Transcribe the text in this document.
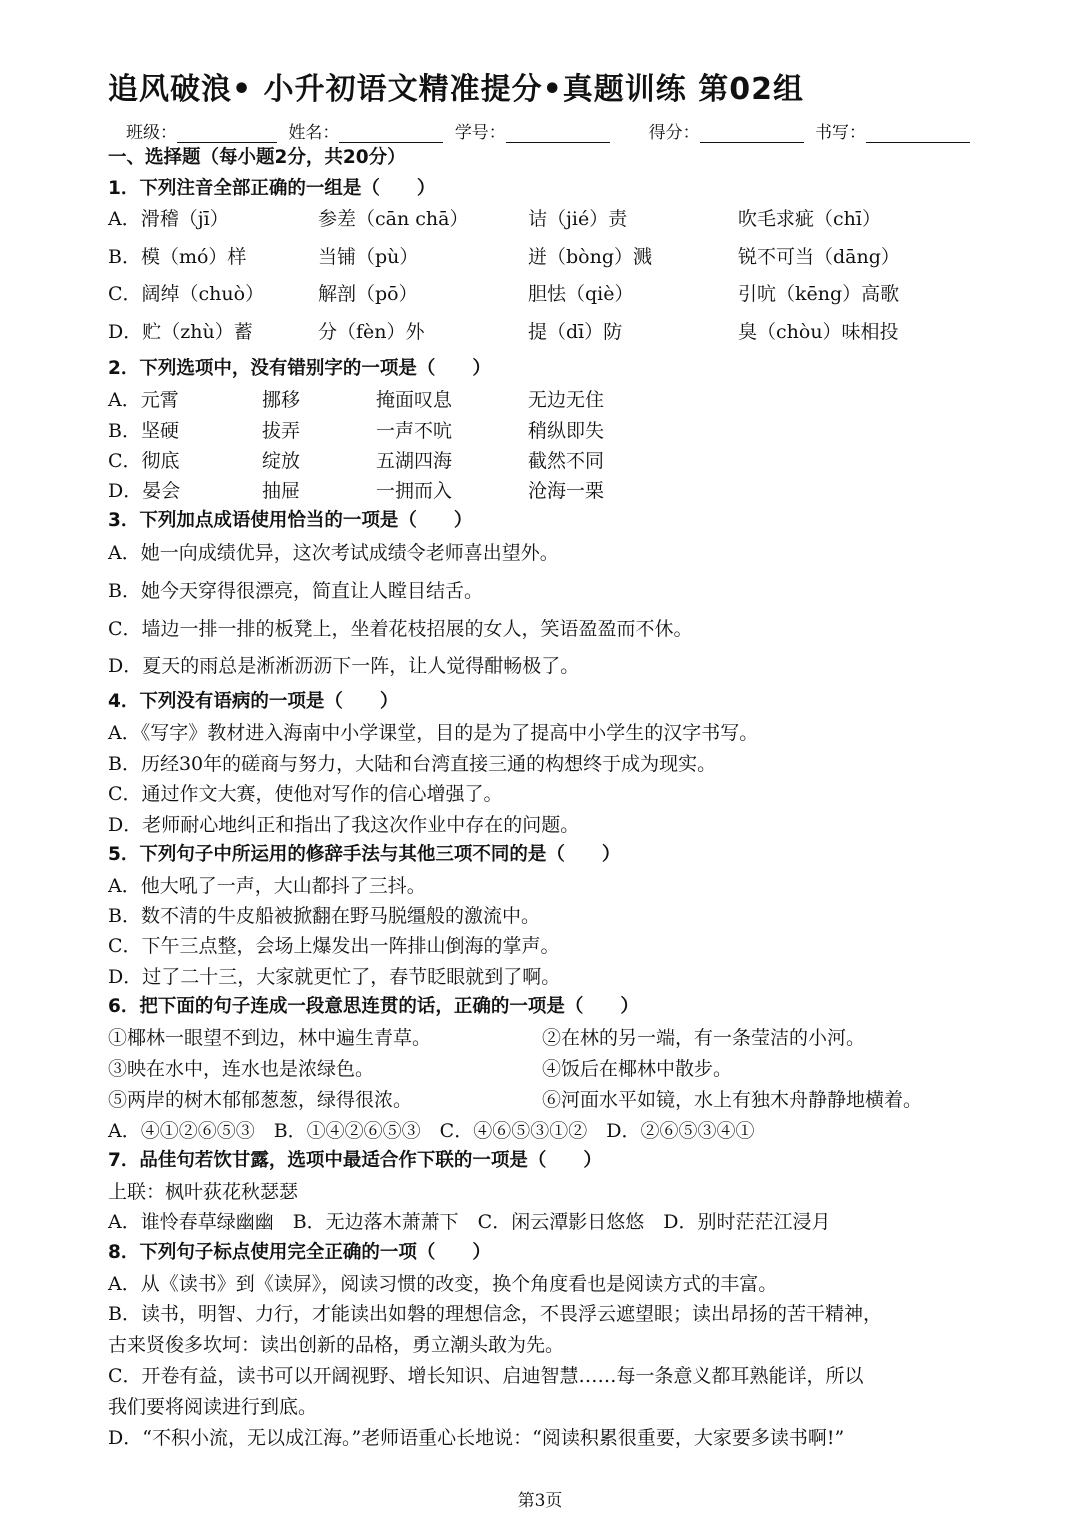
追风破浪• 小升初语文精准提分•真题训练 第02组
班级：	姓名：	学号：	得分：	书写：
一、选择题（每小题2分，共20分）
1．下列注音全部正确的一组是（　　）
A．滑稽（jī）	参差（cān chā）	诘（jié）责	吹毛求疵（chī）
B．模（mó）样	当铺（pù）	迸（bòng）溅	锐不可当（dāng）
C．阔绰（chuò）	解剖（pō）	胆怯（qiè）	引吭（kēng）高歌
D．贮（zhù）蓄	分（fèn）外	提（dī）防	臭（chòu）味相投
2．下列选项中，没有错别字的一项是（　　）
A．元霄	挪移	掩面叹息	无边无住
B．坚硬	拔弄	一声不吭	稍纵即失
C．彻底	绽放	五湖四海	截然不同
D．晏会	抽屉	一拥而入	沧海一栗
3．下列加点成语使用恰当的一项是（　　）
A．她一向成绩优异，这次考试成绩令老师喜出望外。
B．她今天穿得很漂亮，简直让人瞠目结舌。
C．墙边一排一排的板凳上，坐着花枝招展的女人，笑语盈盈而不休。
D．夏天的雨总是淅淅沥沥下一阵，让人觉得酣畅极了。
4．下列没有语病的一项是（　　）
A．《写字》教材进入海南中小学课堂，目的是为了提高中小学生的汉字书写。
B．历经30年的磋商与努力，大陆和台湾直接三通的构想终于成为现实。
C．通过作文大赛，使他对写作的信心增强了。
D．老师耐心地纠正和指出了我这次作业中存在的问题。
5．下列句子中所运用的修辞手法与其他三项不同的是（　　）
A．他大吼了一声，大山都抖了三抖。
B．数不清的牛皮船被掀翻在野马脱缰般的激流中。
C．下午三点整，会场上爆发出一阵排山倒海的掌声。
D．过了二十三，大家就更忙了，春节眨眼就到了啊。
6．把下面的句子连成一段意思连贯的话，正确的一项是（　　）
①椰林一眼望不到边，林中遍生青草。	②在林的另一端，有一条莹洁的小河。
③映在水中，连水也是浓绿色。	④饭后在椰林中散步。
⑤两岸的树木郁郁葱葱，绿得很浓。	⑥河面水平如镜，水上有独木舟静静地横着。
A．④①②⑥⑤③　B．①④②⑥⑤③　C．④⑥⑤③①②　D．②⑥⑤③④①
7．品佳句若饮甘露，选项中最适合作下联的一项是（　　）
上联：枫叶荻花秋瑟瑟
A．谁怜春草绿幽幽　B．无边落木萧萧下　C．闲云潭影日悠悠　D．别时茫茫江浸月
8．下列句子标点使用完全正确的一项（　　）
A．从《读书》到《读屏》，阅读习惯的改变，换个角度看也是阅读方式的丰富。
B．读书，明智、力行，才能读出如磐的理想信念，不畏浮云遮望眼；读出昂扬的苦干精神，
古来贤俊多坎坷：读出创新的品格，勇立潮头敢为先。
C．开卷有益，读书可以开阔视野、增长知识、启迪智慧……每一条意义都耳熟能详，所以
我们要将阅读进行到底。
D．“不积小流，无以成江海。”老师语重心长地说：“阅读积累很重要，大家要多读书啊!”
第3页
